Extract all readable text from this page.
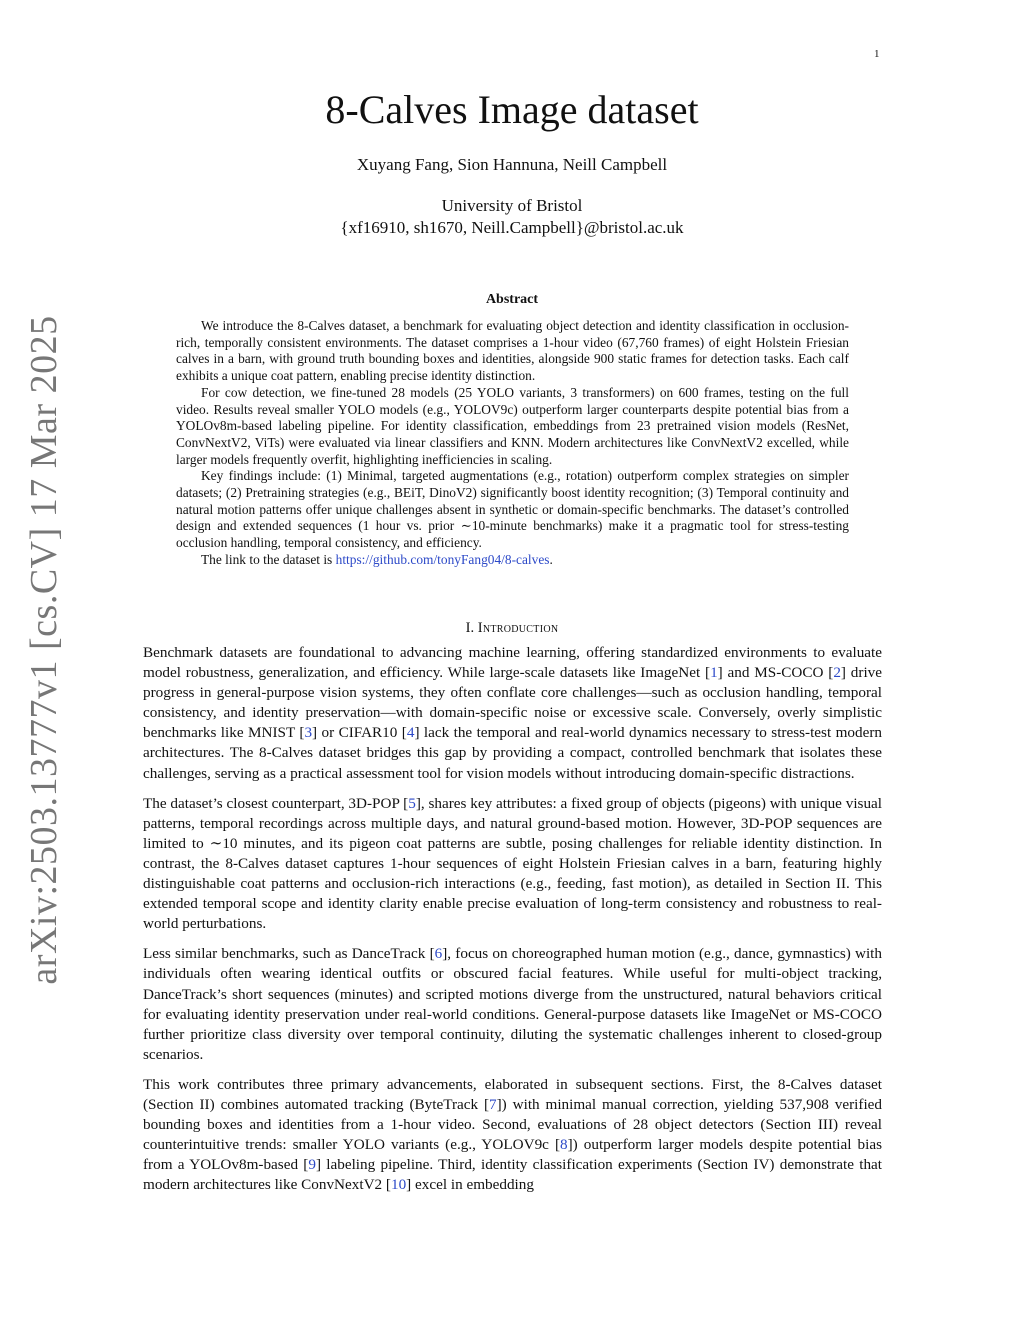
1
arXiv:2503.13777v1 [cs.CV] 17 Mar 2025
8-Calves Image dataset
Xuyang Fang, Sion Hannuna, Neill Campbell
University of Bristol
{xf16910, sh1670, Neill.Campbell}@bristol.ac.uk
Abstract

We introduce the 8-Calves dataset, a benchmark for evaluating object detection and identity classification in occlusion-rich, temporally consistent environments. The dataset comprises a 1-hour video (67,760 frames) of eight Holstein Friesian calves in a barn, with ground truth bounding boxes and identities, alongside 900 static frames for detection tasks. Each calf exhibits a unique coat pattern, enabling precise identity distinction.

For cow detection, we fine-tuned 28 models (25 YOLO variants, 3 transformers) on 600 frames, testing on the full video. Results reveal smaller YOLO models (e.g., YOLOV9c) outperform larger counterparts despite potential bias from a YOLOv8m-based labeling pipeline. For identity classification, embeddings from 23 pretrained vision models (ResNet, ConvNextV2, ViTs) were evaluated via linear classifiers and KNN. Modern architectures like ConvNextV2 excelled, while larger models frequently overfit, highlighting inefficiencies in scaling.

Key findings include: (1) Minimal, targeted augmentations (e.g., rotation) outperform complex strategies on simpler datasets; (2) Pretraining strategies (e.g., BEiT, DinoV2) significantly boost identity recognition; (3) Temporal continuity and natural motion patterns offer unique challenges absent in synthetic or domain-specific benchmarks. The dataset’s controlled design and extended sequences (1 hour vs. prior ∼10-minute benchmarks) make it a pragmatic tool for stress-testing occlusion handling, temporal consistency, and efficiency.

The link to the dataset is https://github.com/tonyFang04/8-calves.

I. Introduction

Benchmark datasets are foundational to advancing machine learning, offering standardized environments to evaluate model robustness, generalization, and efficiency. While large-scale datasets like ImageNet [1] and MS-COCO [2] drive progress in general-purpose vision systems, they often conflate core challenges—such as occlusion handling, temporal consistency, and identity preservation—with domain-specific noise or excessive scale. Conversely, overly simplistic benchmarks like MNIST [3] or CIFAR10 [4] lack the temporal and real-world dynamics necessary to stress-test modern architectures. The 8-Calves dataset bridges this gap by providing a compact, controlled benchmark that isolates these challenges, serving as a practical assessment tool for vision models without introducing domain-specific distractions.

The dataset’s closest counterpart, 3D-POP [5], shares key attributes: a fixed group of objects (pigeons) with unique visual patterns, temporal recordings across multiple days, and natural ground-based motion. However, 3D-POP sequences are limited to ∼10 minutes, and its pigeon coat patterns are subtle, posing challenges for reliable identity distinction. In contrast, the 8-Calves dataset captures 1-hour sequences of eight Holstein Friesian calves in a barn, featuring highly distinguishable coat patterns and occlusion-rich interactions (e.g., feeding, fast motion), as detailed in Section II. This extended temporal scope and identity clarity enable precise evaluation of long-term consistency and robustness to real-world perturbations.

Less similar benchmarks, such as DanceTrack [6], focus on choreographed human motion (e.g., dance, gymnastics) with individuals often wearing identical outfits or obscured facial features. While useful for multi-object tracking, DanceTrack’s short sequences (minutes) and scripted motions diverge from the unstructured, natural behaviors critical for evaluating identity preservation under real-world conditions. General-purpose datasets like ImageNet or MS-COCO further prioritize class diversity over temporal continuity, diluting the systematic challenges inherent to closed-group scenarios.

This work contributes three primary advancements, elaborated in subsequent sections. First, the 8-Calves dataset (Section II) combines automated tracking (ByteTrack [7]) with minimal manual correction, yielding 537,908 verified bounding boxes and identities from a 1-hour video. Second, evaluations of 28 object detectors (Section III) reveal counterintuitive trends: smaller YOLO variants (e.g., YOLOV9c [8]) outperform larger models despite potential bias from a YOLOv8m-based [9] labeling pipeline. Third, identity classification experiments (Section IV) demonstrate that modern architectures like ConvNextV2 [10] excel in embedding
